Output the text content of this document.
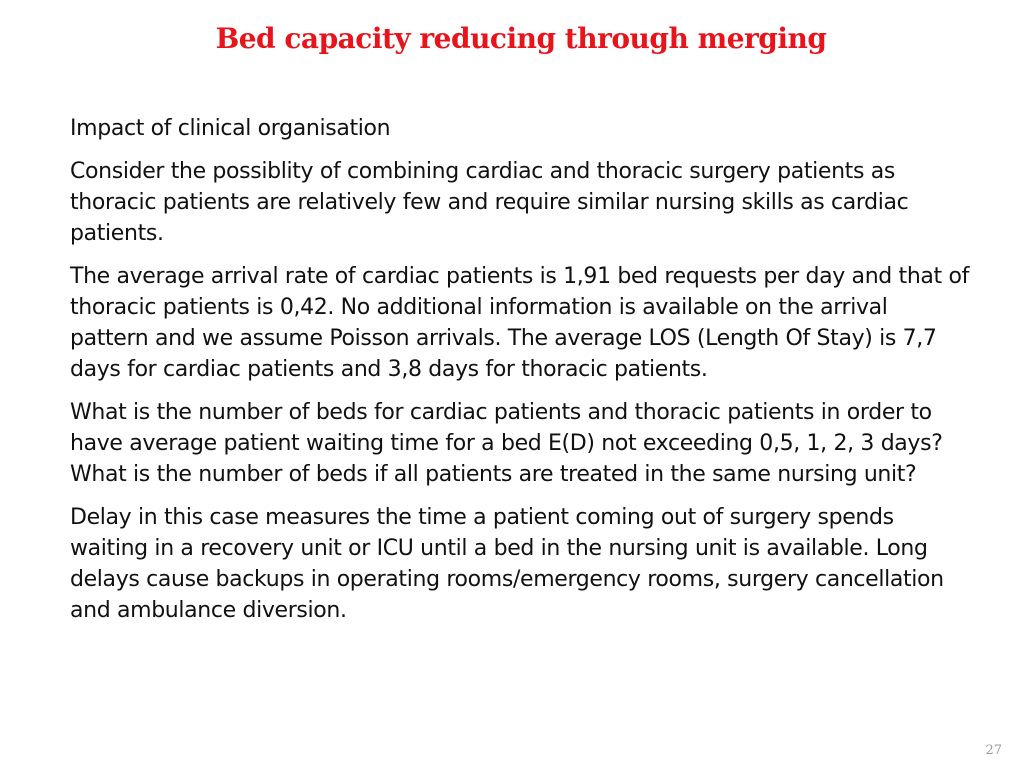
Bed capacity reducing through merging

Impact of clinical organisation

Consider the possiblity of combining cardiac and thoracic surgery patients as thoracic patients are relatively few and require similar nursing skills as cardiac patients.

The average arrival rate of cardiac patients is 1,91 bed requests per day and that of thoracic patients is 0,42. No additional information is available on the arrival pattern and we assume Poisson arrivals. The average LOS (Length Of Stay) is 7,7 days for cardiac patients and 3,8 days for thoracic patients.

What is the number of beds for cardiac patients and thoracic patients in order to have average patient waiting time for a bed E(D) not exceeding 0,5, 1, 2, 3 days? What is the number of beds if all patients are treated in the same nursing unit?

Delay in this case measures the time a patient coming out of surgery spends waiting in a recovery unit or ICU until a bed in the nursing unit is available. Long delays cause backups in operating rooms/emergency rooms, surgery cancellation and ambulance diversion.

27
